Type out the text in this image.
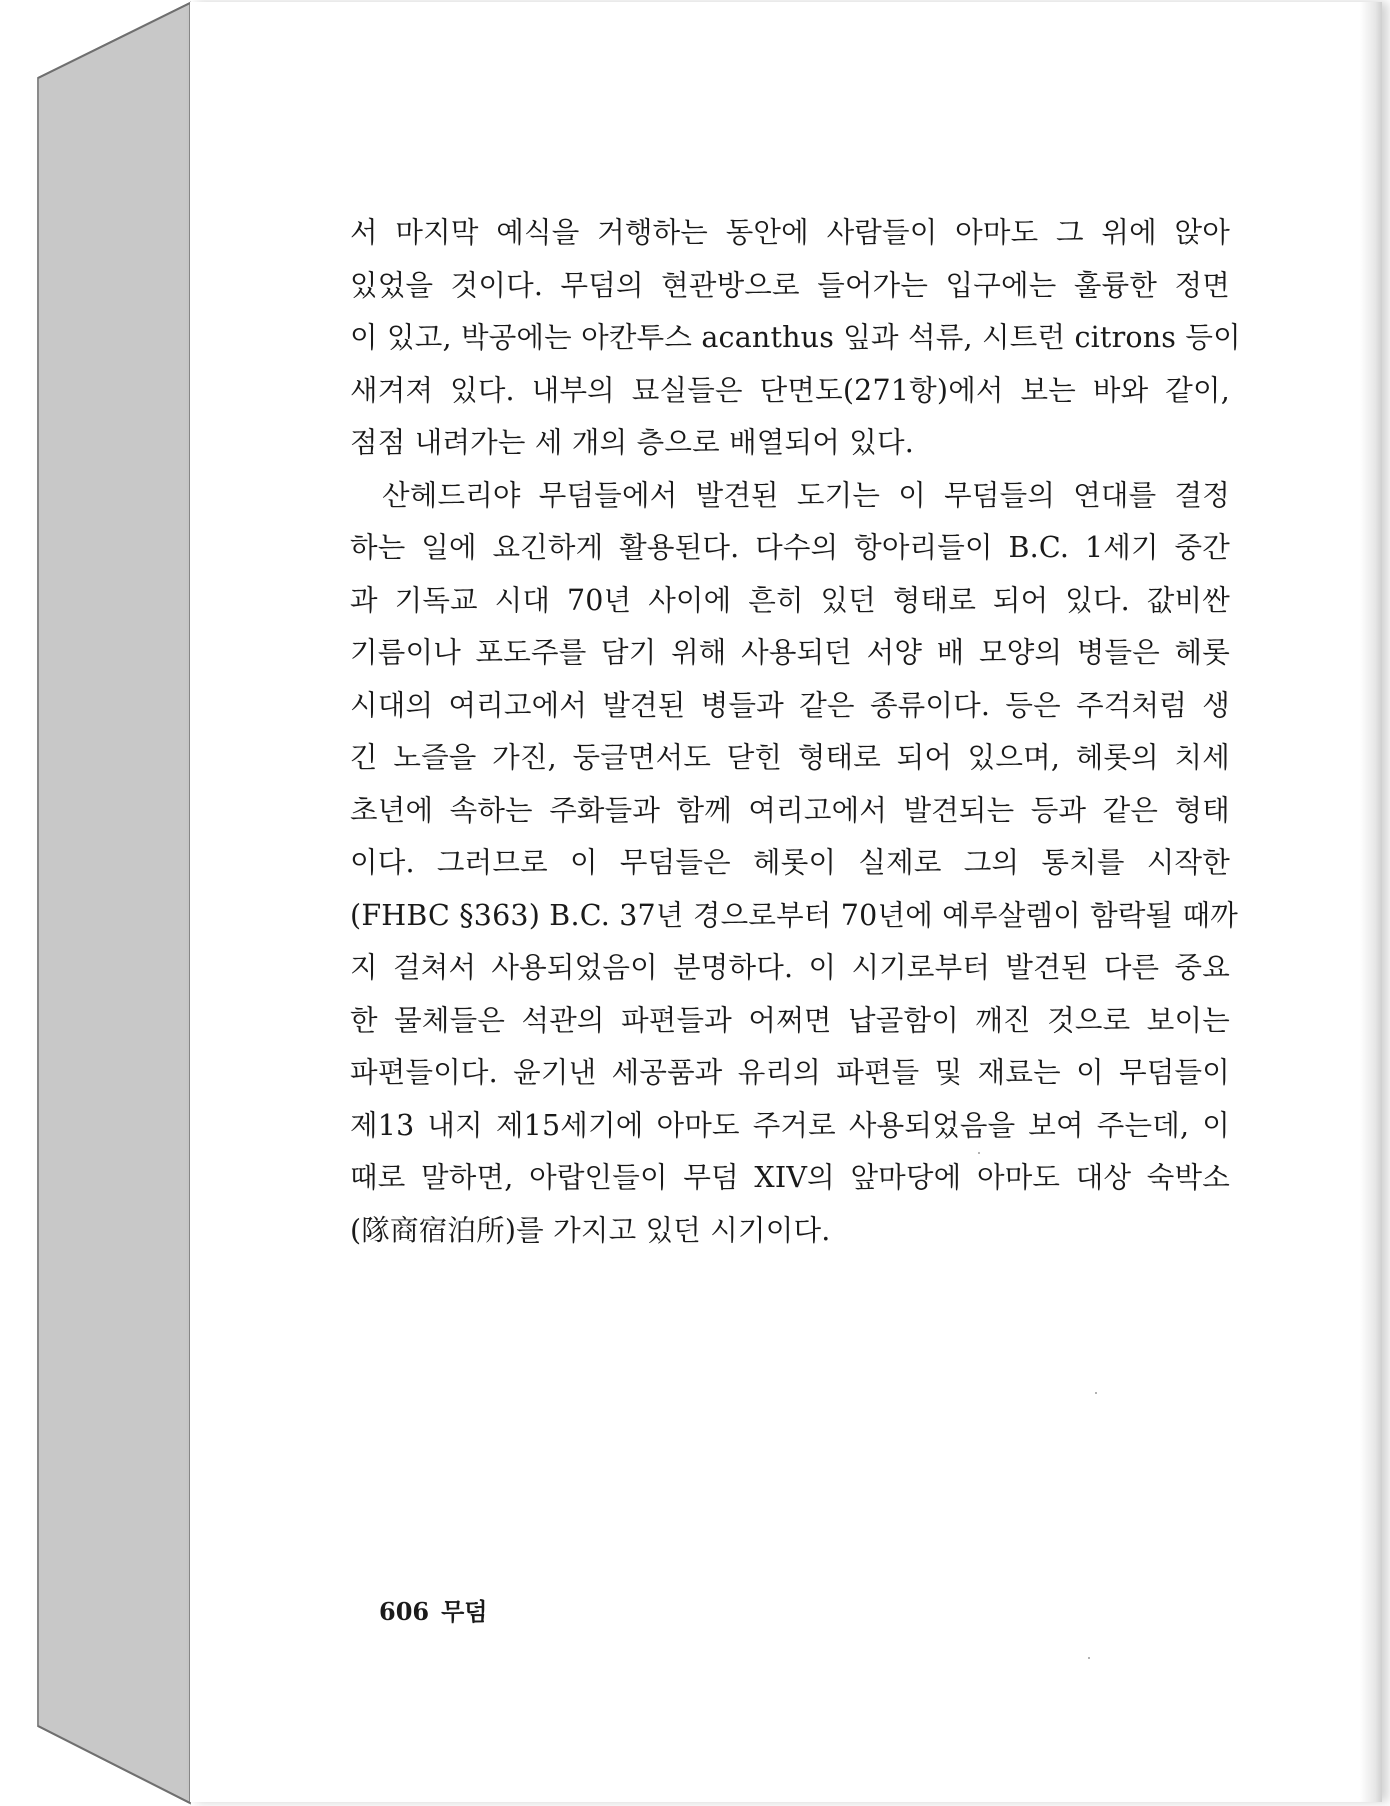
서 마지막 예식을 거행하는 동안에 사람들이 아마도 그 위에 앉아
있었을 것이다. 무덤의 현관방으로 들어가는 입구에는 훌륭한 정면
이 있고, 박공에는 아칸투스 acanthus 잎과 석류, 시트런 citrons 등이
새겨져 있다. 내부의 묘실들은 단면도(271항)에서 보는 바와 같이,
점점 내려가는 세 개의 층으로 배열되어 있다.
산헤드리야 무덤들에서 발견된 도기는 이 무덤들의 연대를 결정
하는 일에 요긴하게 활용된다. 다수의 항아리들이 B.C. 1세기 중간
과 기독교 시대 70년 사이에 흔히 있던 형태로 되어 있다. 값비싼
기름이나 포도주를 담기 위해 사용되던 서양 배 모양의 병들은 헤롯
시대의 여리고에서 발견된 병들과 같은 종류이다. 등은 주걱처럼 생
긴 노즐을 가진, 둥글면서도 닫힌 형태로 되어 있으며, 헤롯의 치세
초년에 속하는 주화들과 함께 여리고에서 발견되는 등과 같은 형태
이다. 그러므로 이 무덤들은 헤롯이 실제로 그의 통치를 시작한
(FHBC §363) B.C. 37년 경으로부터 70년에 예루살렘이 함락될 때까
지 걸쳐서 사용되었음이 분명하다. 이 시기로부터 발견된 다른 중요
한 물체들은 석관의 파편들과 어쩌면 납골함이 깨진 것으로 보이는
파편들이다. 윤기낸 세공품과 유리의 파편들 및 재료는 이 무덤들이
제13 내지 제15세기에 아마도 주거로 사용되었음을 보여 주는데, 이
때로 말하면, 아랍인들이 무덤 XIV의 앞마당에 아마도 대상 숙박소
(隊商宿泊所)를 가지고 있던 시기이다.
606 무덤
